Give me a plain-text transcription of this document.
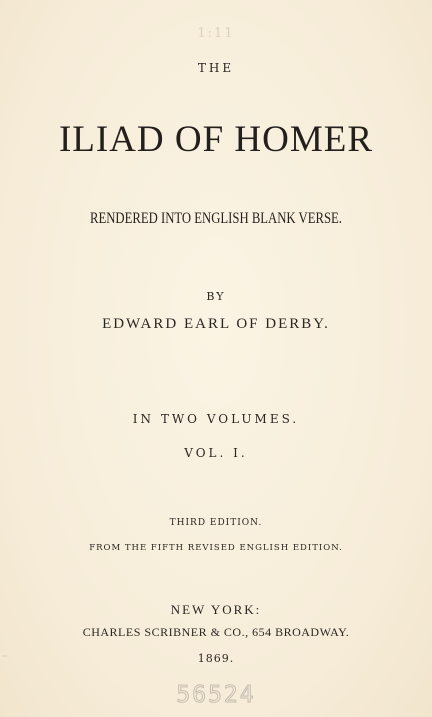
1:11
THE
ILIAD OF HOMER
RENDERED INTO ENGLISH BLANK VERSE.
BY
EDWARD EARL OF DERBY.
IN TWO VOLUMES.
VOL. I.
THIRD EDITION.
FROM THE FIFTH REVISED ENGLISH EDITION.
NEW YORK:
CHARLES SCRIBNER & CO., 654 BROADWAY.
1869.
56524
